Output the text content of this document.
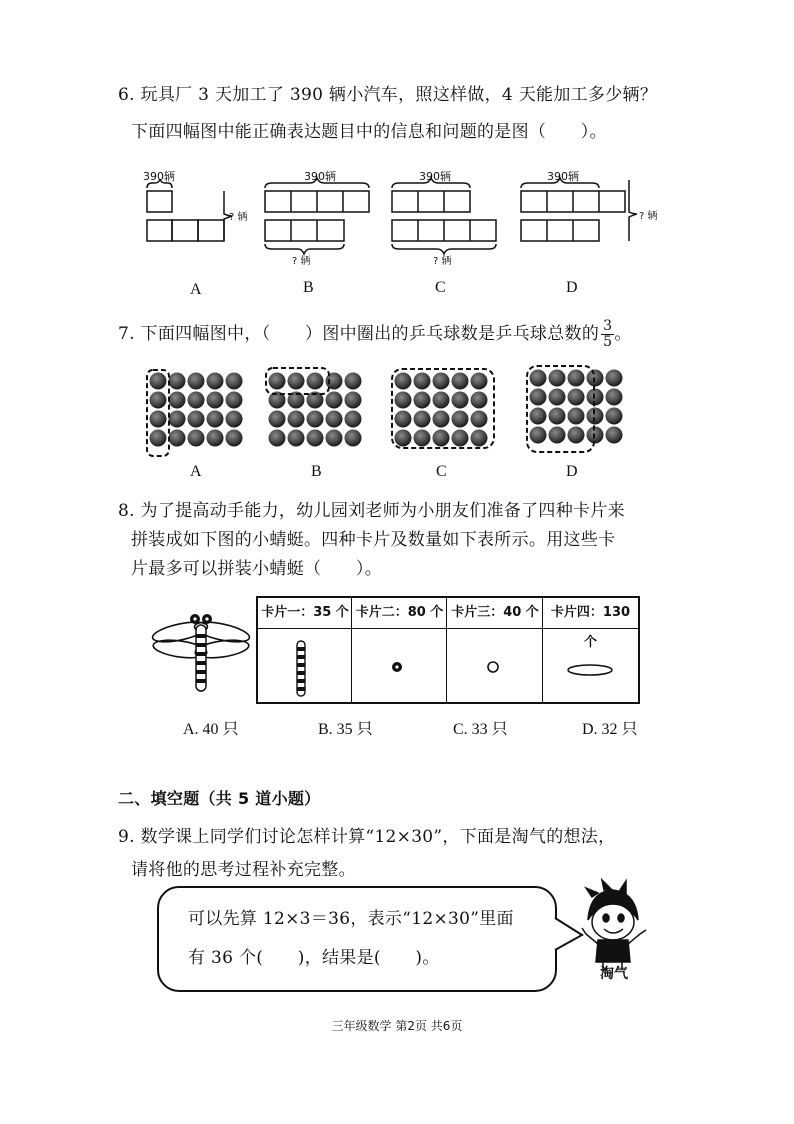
6. 玩具厂 3 天加工了 390 辆小汽车，照这样做，4 天能加工多少辆？
下面四幅图中能正确表达题目中的信息和问题的是图（　　）。
390辆
? 辆
390辆
? 辆
390辆
? 辆
390辆
? 辆
A	B	C	D
7. 下面四幅图中，（　　）图中圈出的乒乓球数是乒乓球总数的 $\frac{3}{5}$ 。
A	B	C	D
8. 为了提高动手能力，幼儿园刘老师为小朋友们准备了四种卡片来
拼装成如下图的小蜻蜓。四种卡片及数量如下表所示。用这些卡
片最多可以拼装小蜻蜓（　　）。
卡片一：35 个 卡片二：80 个 卡片三：40 个 卡片四：130 个
A. 40 只	B. 35 只	C. 33 只	D. 32 只
二、填空题（共 5 道小题）
9. 数学课上同学们讨论怎样计算“12×30”，下面是淘气的想法，
请将他的思考过程补充完整。
可以先算 12×3＝36，表示“12×30”里面
有 36 个(　　)，结果是(　　)。
淘气
三年级数学 第2页 共6页
